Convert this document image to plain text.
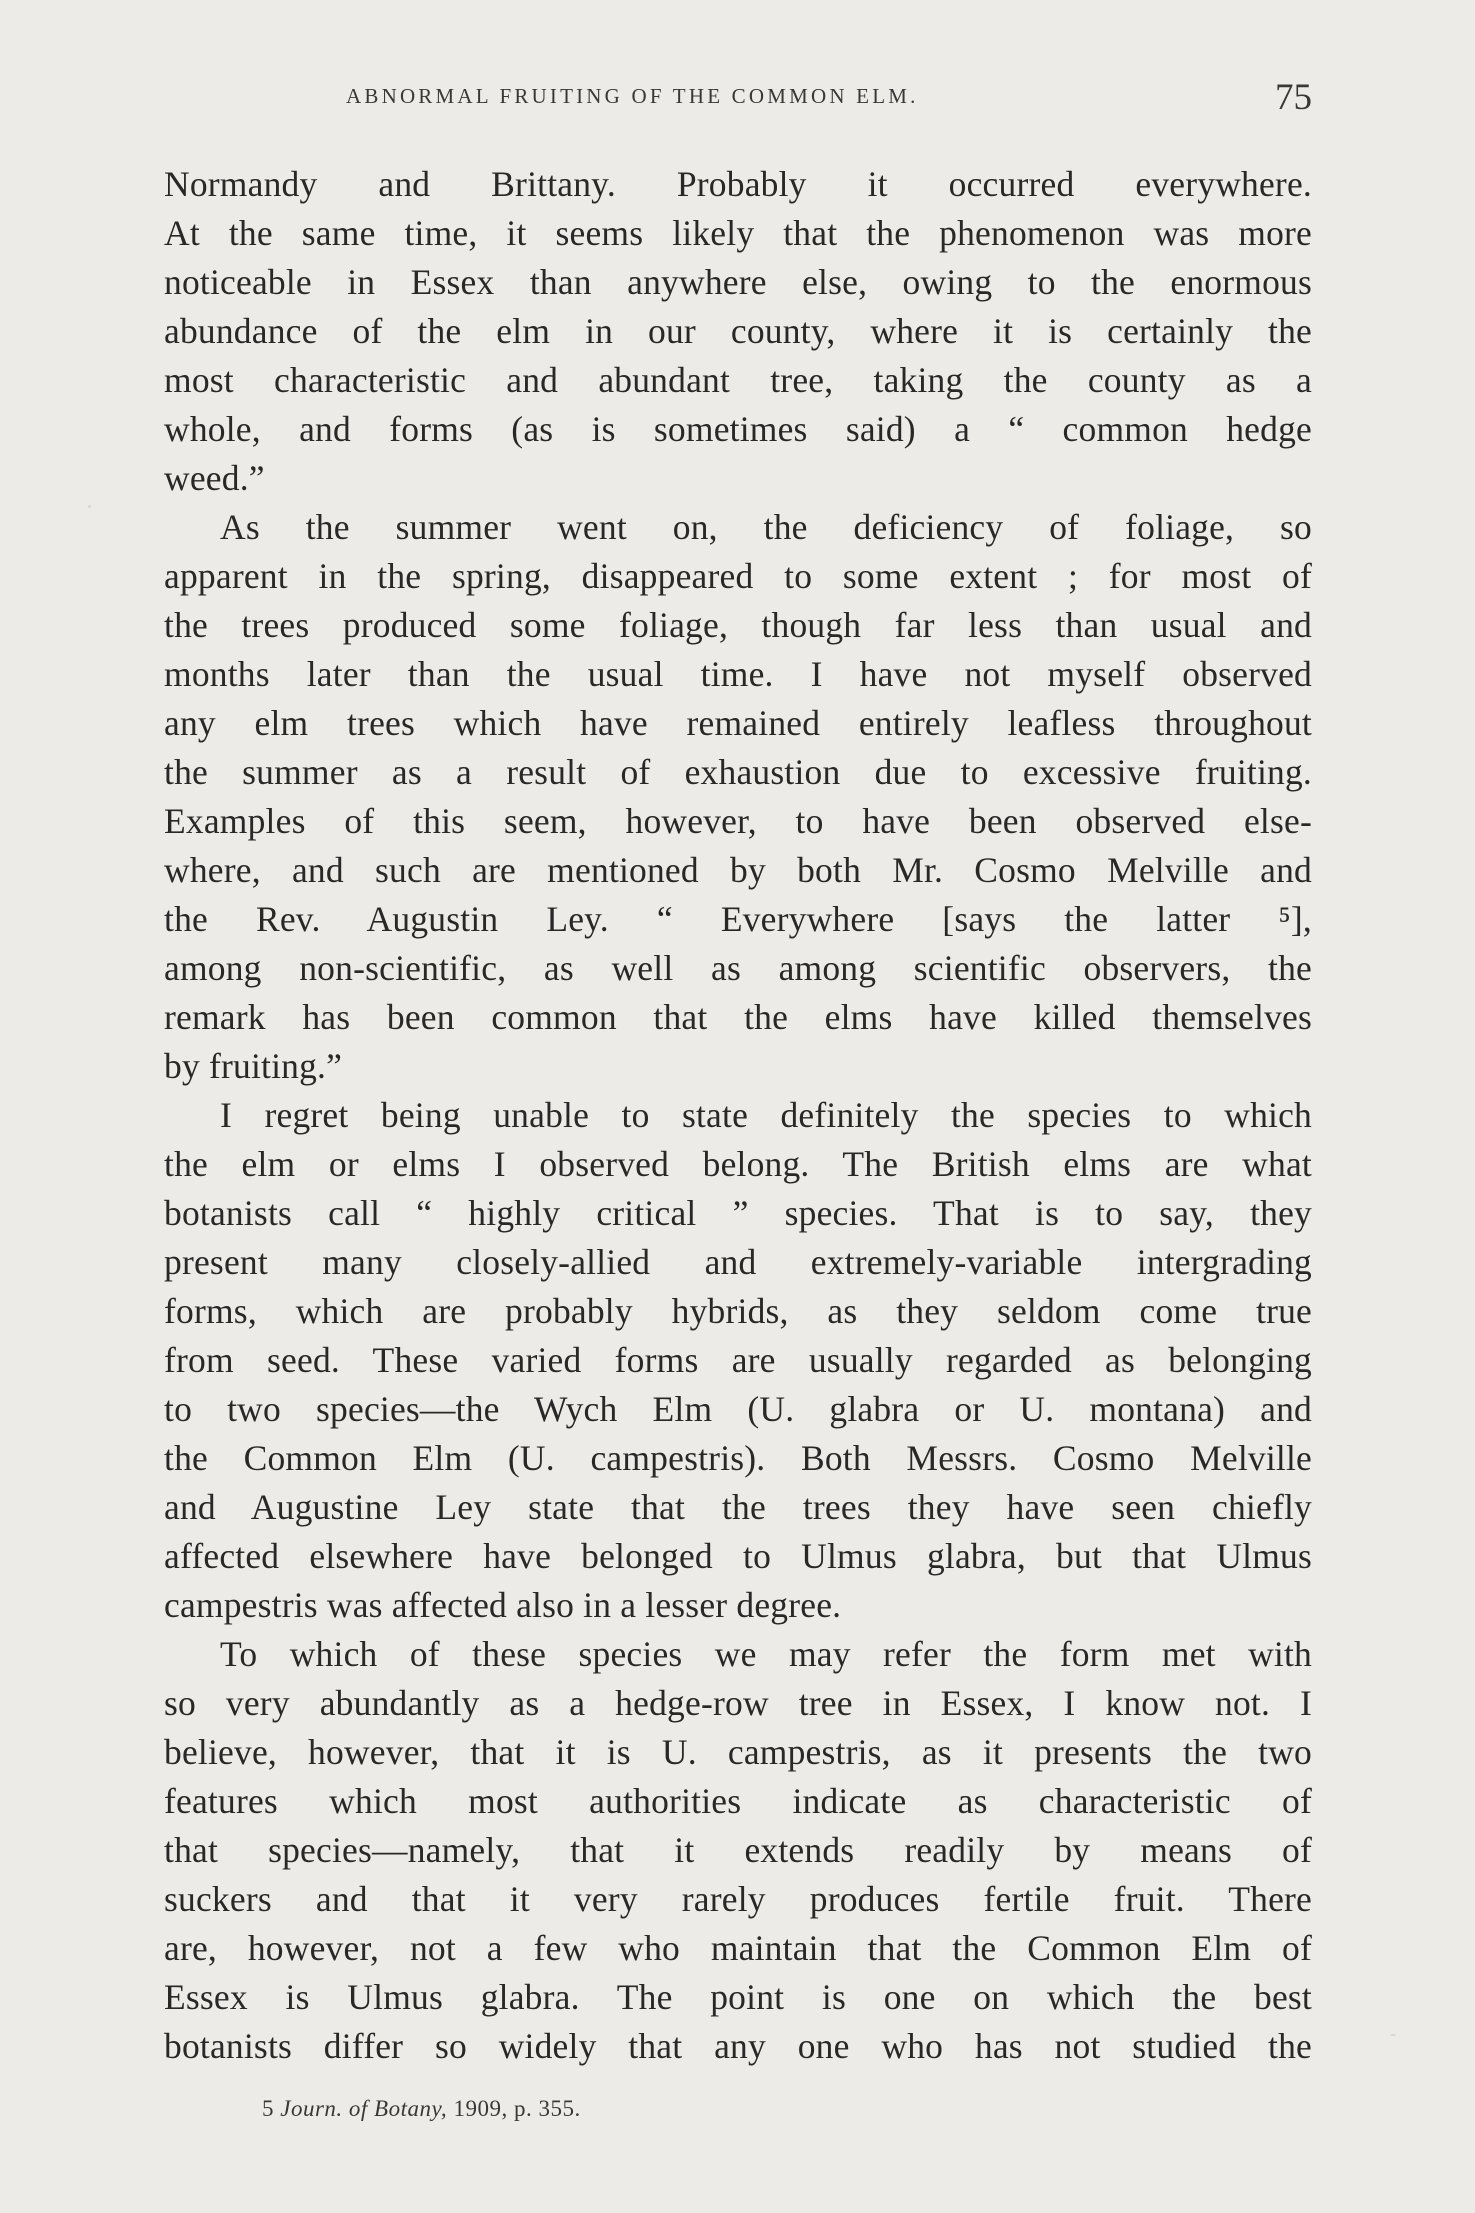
ABNORMAL FRUITING OF THE COMMON ELM.	75
Normandy and Brittany. Probably it occurred everywhere.
At the same time, it seems likely that the phenomenon was more
noticeable in Essex than anywhere else, owing to the enormous
abundance of the elm in our county, where it is certainly the
most characteristic and abundant tree, taking the county as a
whole, and forms (as is sometimes said) a “ common hedge
weed.”
As the summer went on, the deficiency of foliage, so
apparent in the spring, disappeared to some extent ; for most of
the trees produced some foliage, though far less than usual and
months later than the usual time. I have not myself observed
any elm trees which have remained entirely leafless throughout
the summer as a result of exhaustion due to excessive fruiting.
Examples of this seem, however, to have been observed else-
where, and such are mentioned by both Mr. Cosmo Melville and
the Rev. Augustin Ley. “ Everywhere [says the latter ⁵],
among non-scientific, as well as among scientific observers, the
remark has been common that the elms have killed themselves
by fruiting.”
I regret being unable to state definitely the species to which
the elm or elms I observed belong. The British elms are what
botanists call “ highly critical ” species. That is to say, they
present many closely-allied and extremely-variable intergrading
forms, which are probably hybrids, as they seldom come true
from seed. These varied forms are usually regarded as belonging
to two species—the Wych Elm (U. glabra or U. montana) and
the Common Elm (U. campestris). Both Messrs. Cosmo Melville
and Augustine Ley state that the trees they have seen chiefly
affected elsewhere have belonged to Ulmus glabra, but that Ulmus
campestris was affected also in a lesser degree.
To which of these species we may refer the form met with
so very abundantly as a hedge-row tree in Essex, I know not. I
believe, however, that it is U. campestris, as it presents the two
features which most authorities indicate as characteristic of
that species—namely, that it extends readily by means of
suckers and that it very rarely produces fertile fruit. There
are, however, not a few who maintain that the Common Elm of
Essex is Ulmus glabra. The point is one on which the best
botanists differ so widely that any one who has not studied the
5 Journ. of Botany, 1909, p. 355.
